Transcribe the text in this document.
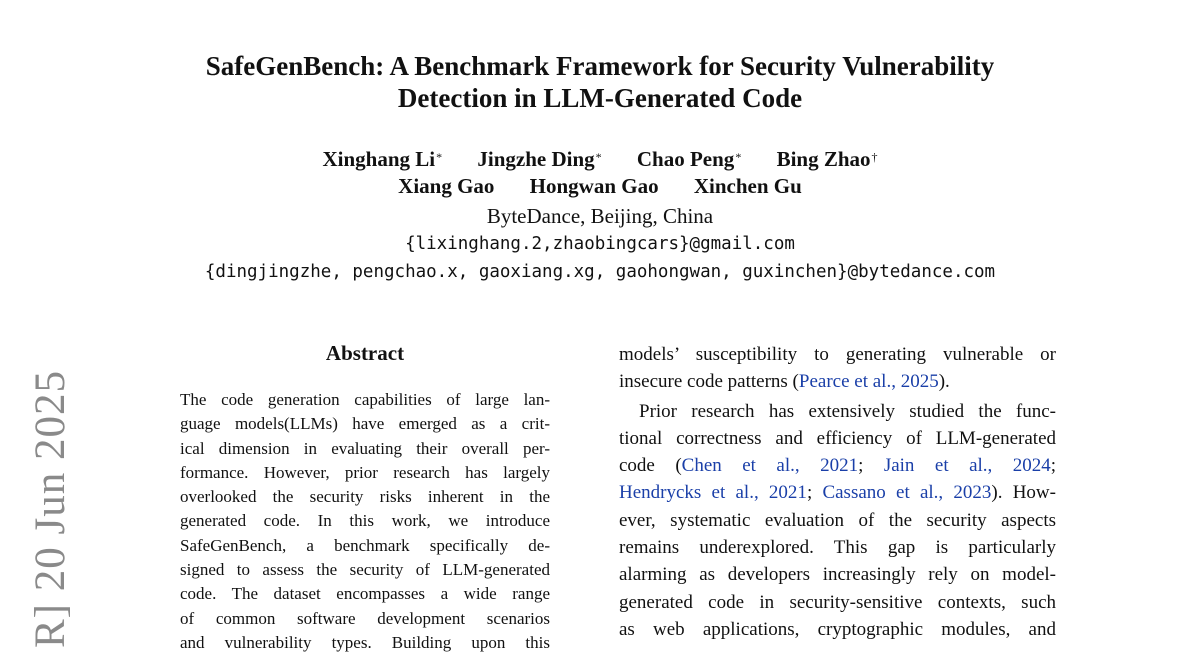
R] 20 Jun 2025
SafeGenBench: A Benchmark Framework for Security Vulnerability
Detection in LLM-Generated Code
Xinghang Li* Jingzhe Ding* Chao Peng* Bing Zhao†
Xiang Gao Hongwan Gao Xinchen Gu
ByteDance, Beijing, China
{lixinghang.2,zhaobingcars}@gmail.com
{dingjingzhe, pengchao.x, gaoxiang.xg, gaohongwan, guxinchen}@bytedance.com
Abstract
The code generation capabilities of large lan-
guage models(LLMs) have emerged as a crit-
ical dimension in evaluating their overall per-
formance. However, prior research has largely
overlooked the security risks inherent in the
generated code. In this work, we introduce
SafeGenBench, a benchmark specifically de-
signed to assess the security of LLM-generated
code. The dataset encompasses a wide range
of common software development scenarios
and vulnerability types. Building upon this
models’ susceptibility to generating vulnerable or
insecure code patterns (Pearce et al., 2025).
Prior research has extensively studied the func-
tional correctness and efficiency of LLM-generated
code (Chen et al., 2021; Jain et al., 2024;
Hendrycks et al., 2021; Cassano et al., 2023). How-
ever, systematic evaluation of the security aspects
remains underexplored. This gap is particularly
alarming as developers increasingly rely on model-
generated code in security-sensitive contexts, such
as web applications, cryptographic modules, and
